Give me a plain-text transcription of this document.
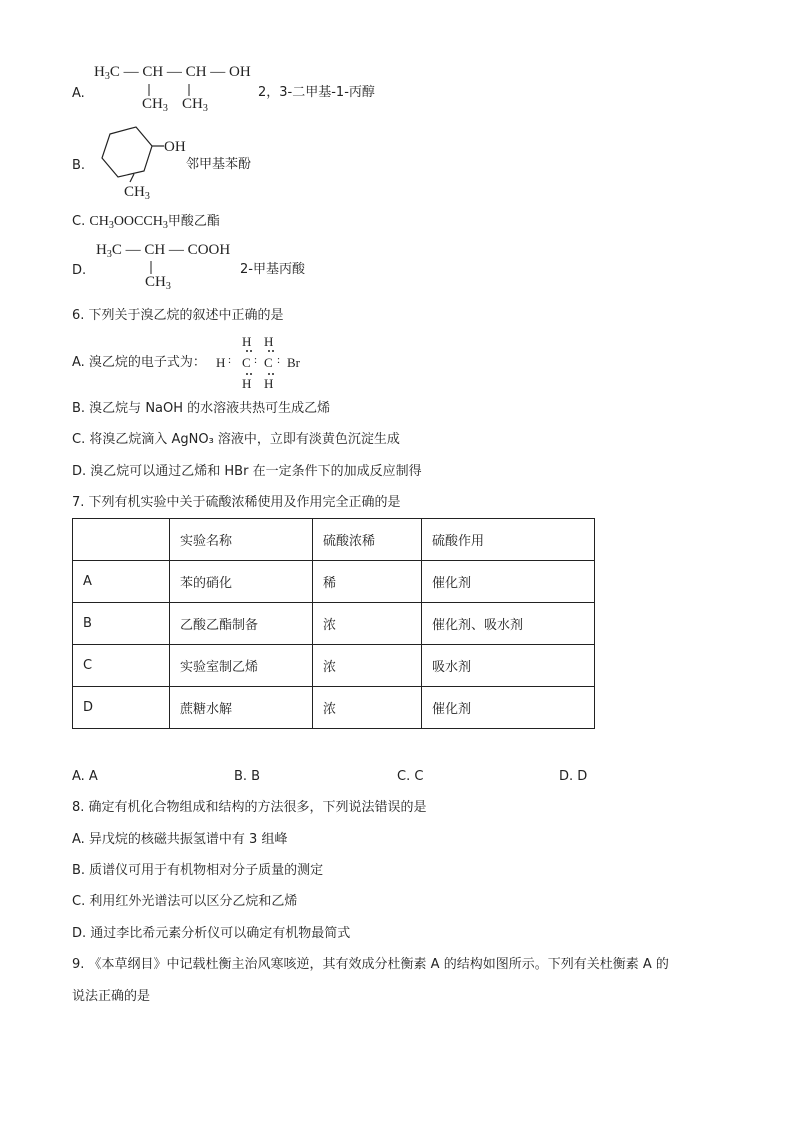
A.
$H_3C$ — CH — CH — OH
$CH_3$ $CH_3$
2，3-二甲基-1-丙醇
B.
OH
$CH_3$
邻甲基苯酚
C. $CH_3OOCCH_3$甲酸乙酯
D.
$H_3C$ — CH — COOH
$CH_3$
2-甲基丙酸
6. 下列关于溴乙烷的叙述中正确的是
A. 溴乙烷的电子式为：
H H
H : C : C : Br
H H
B. 溴乙烷与 NaOH 的水溶液共热可生成乙烯
C. 将溴乙烷滴入 AgNO₃ 溶液中，立即有淡黄色沉淀生成
D. 溴乙烷可以通过乙烯和 HBr 在一定条件下的加成反应制得
7. 下列有机实验中关于硫酸浓稀使用及作用完全正确的是
	实验名称	硫酸浓稀	硫酸作用
A	苯的硝化	稀	催化剂
B	乙酸乙酯制备	浓	催化剂、吸水剂
C	实验室制乙烯	浓	吸水剂
D	蔗糖水解	浓	催化剂
A. A	B. B	C. C	D. D
8. 确定有机化合物组成和结构的方法很多，下列说法错误的是
A. 异戊烷的核磁共振氢谱中有 3 组峰
B. 质谱仪可用于有机物相对分子质量的测定
C. 利用红外光谱法可以区分乙烷和乙烯
D. 通过李比希元素分析仪可以确定有机物最简式
9. 《本草纲目》中记载杜衡主治风寒咳逆，其有效成分杜衡素 A 的结构如图所示。下列有关杜衡素 A 的
说法正确的是
